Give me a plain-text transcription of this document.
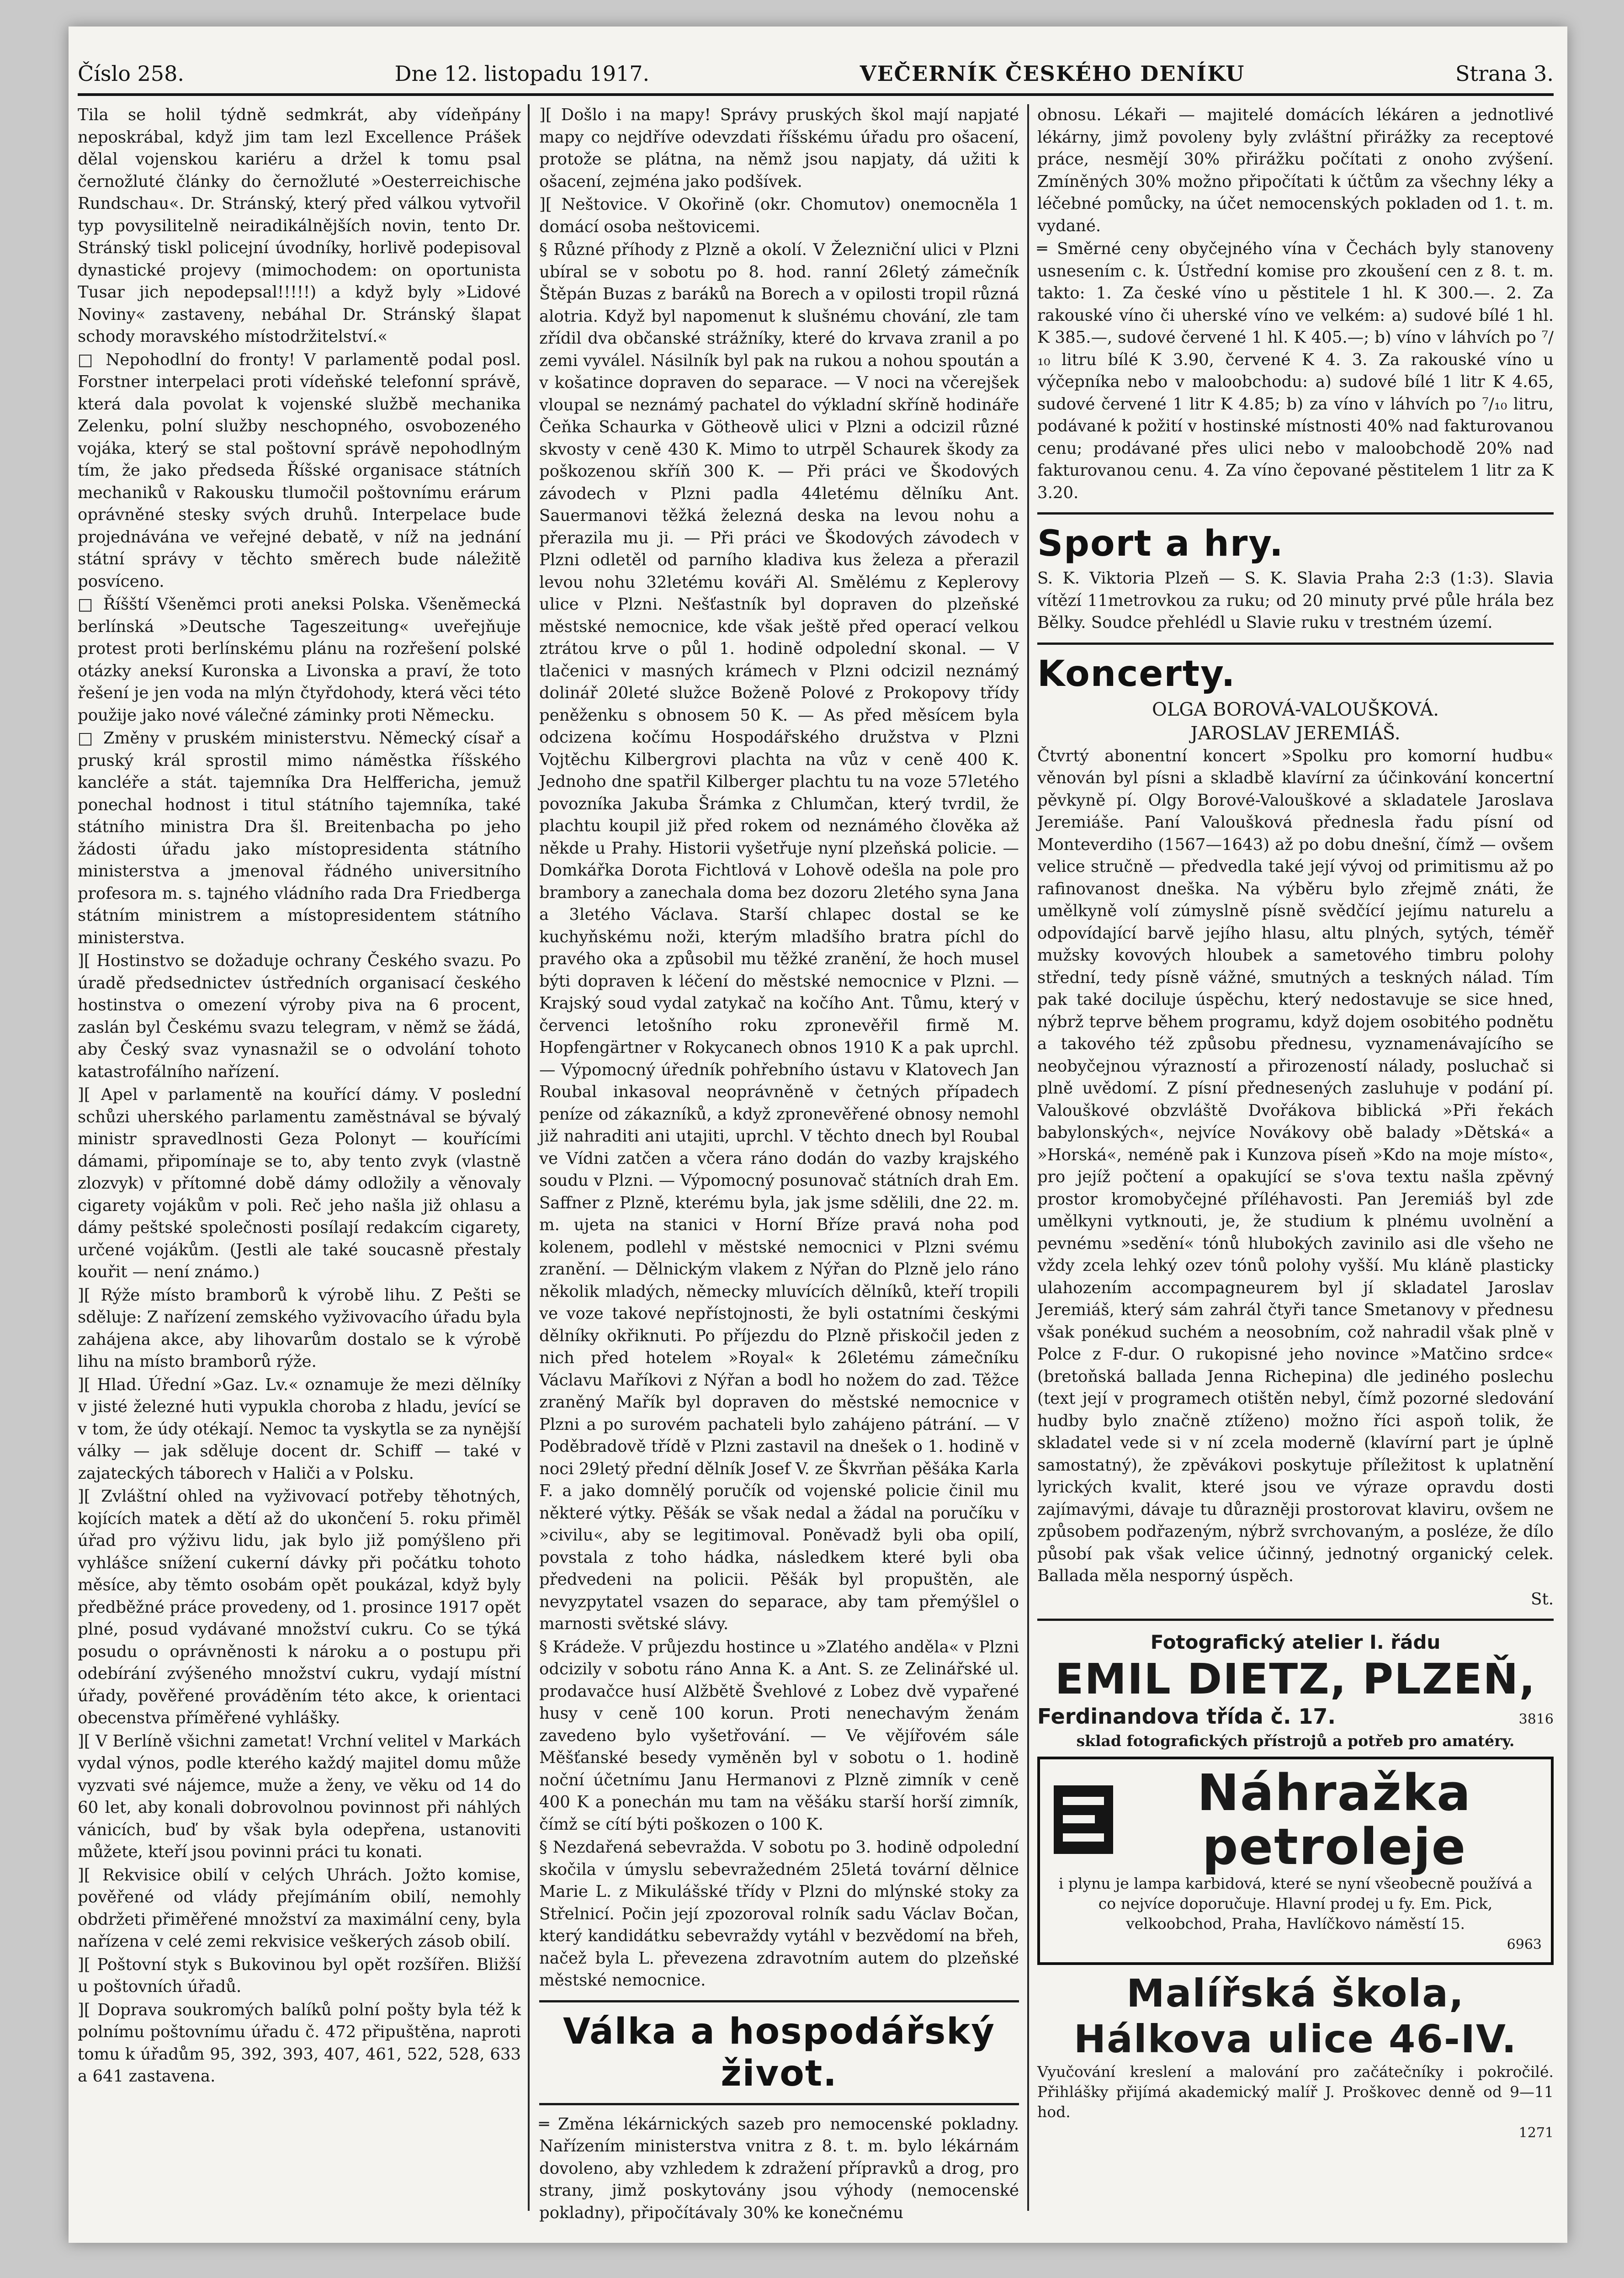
Číslo 258.	Dne 12. listopadu 1917.	VEČERNÍK ČESKÉHO DENÍKU	Strana 3.

Tila se holil týdně sedmkrát, aby vídeňpány neposkrábal, když jim tam lezl Excellence Prášek dělal vojenskou kariéru a držel k tomu psal černožluté články do černožluté »Oesterreichische Rundschau«. Dr. Stránský, který před válkou vytvořil typ povysilitelně neiradikálnějších novin, tento Dr. Stránský tiskl policejní úvodníky, horlivě podepisoval dynastické projevy (mimochodem: on oportunista Tusar jich nepodepsal!!!!!) a když byly »Lidové Noviny« zastaveny, nebáhal Dr. Stránský šlapat schody moravského místodržitelství.«

□ Nepohodlní do fronty! V parlamentě podal posl. Forstner interpelaci proti vídeňské telefonní správě, která dala povolat k vojenské službě mechanika Zelenku, polní služby neschopného, osvobozeného vojáka, který se stal poštovní správě nepohodlným tím, že jako předseda Říšské organisace státních mechaniků v Rakousku tlumočil poštovnímu erárum oprávněné stesky svých druhů. Interpelace bude projednávána ve veřejné debatě, v níž na jednání státní správy v těchto směrech bude náležitě posvíceno.

□ Říšští Všeněmci proti aneksi Polska. Všeněmecká berlínská »Deutsche Tageszeitung« uveřejňuje protest proti berlínskému plánu na rozřešení polské otázky aneksí Kuronska a Livonska a praví, že toto řešení je jen voda na mlýn čtyřdohody, která věci této použije jako nové válečné záminky proti Německu.

□ Změny v pruském ministerstvu. Německý císař a pruský král sprostil mimo náměstka říšského kancléře a stát. tajemníka Dra Helffericha, jemuž ponechal hodnost i titul státního tajemníka, také státního ministra Dra šl. Breitenbacha po jeho žádosti úřadu jako místopresidenta státního ministerstva a jmenoval řádného universitního profesora m. s. tajného vládního rada Dra Friedberga státním ministrem a místopresidentem státního ministerstva.

][ Hostinstvo se dožaduje ochrany Českého svazu. Po úradě předsednictev ústředních organisací českého hostinstva o omezení výroby piva na 6 procent, zaslán byl Českému svazu telegram, v němž se žádá, aby Český svaz vynasnažil se o odvolání tohoto katastrofálního nařízení.

][ Apel v parlamentě na kouřící dámy. V poslední schůzi uherského parlamentu zaměstnával se bývalý ministr spravedlnosti Geza Polonyt — kouřícími dámami, připomínaje se to, aby tento zvyk (vlastně zlozvyk) v přítomné době dámy odložily a věnovaly cigarety vojákům v poli. Reč jeho našla již ohlasu a dámy peštské společnosti posílají redakcím cigarety, určené vojákům. (Jestli ale také soucasně přestaly kouřit — není známo.)

][ Rýže místo bramborů k výrobě lihu. Z Pešti se sděluje: Z nařízení zemského vyživovacího úřadu byla zahájena akce, aby lihovarům dostalo se k výrobě lihu na místo bramborů rýže.

][ Hlad. Úřední »Gaz. Lv.« oznamuje že mezi dělníky v jisté železné huti vypukla choroba z hladu, jevící se v tom, že údy otékají. Nemoc ta vyskytla se za nynější války — jak sděluje docent dr. Schiff — také v zajateckých táborech v Haliči a v Polsku.

][ Zvláštní ohled na vyživovací potřeby těhotných, kojících matek a dětí až do ukončení 5. roku přiměl úřad pro výživu lidu, jak bylo již pomýšleno při vyhlášce snížení cukerní dávky při počátku tohoto měsíce, aby těmto osobám opět poukázal, když byly předběžné práce provedeny, od 1. prosince 1917 opět plné, posud vydávané množství cukru. Co se týká posudu o oprávněnosti k nároku a o postupu při odebírání zvýšeného množství cukru, vydají místní úřady, pověřené prováděním této akce, k orientaci obecenstva příměřené vyhlášky.

][ V Berlíně všichni zametat! Vrchní velitel v Markách vydal výnos, podle kterého každý majitel domu může vyzvati své nájemce, muže a ženy, ve věku od 14 do 60 let, aby konali dobrovolnou povinnost při náhlých vánicích, buď by však byla odepřena, ustanoviti můžete, kteří jsou povinni práci tu konati.

][ Rekvisice obilí v celých Uhrách. Jožto komise, pověřené od vlády přejímáním obilí, nemohly obdržeti přiměřené množství za maximální ceny, byla nařízena v celé zemi rekvisice veškerých zásob obilí.

][ Poštovní styk s Bukovinou byl opět rozšířen. Bližší u poštovních úřadů.

][ Doprava soukromých balíků polní pošty byla též k polnímu poštovnímu úřadu č. 472 připuštěna, naproti tomu k úřadům 95, 392, 393, 407, 461, 522, 528, 633 a 641 zastavena.

][ Došlo i na mapy! Správy pruských škol mají napjaté mapy co nejdříve odevzdati říšskému úřadu pro ošacení, protože se plátna, na němž jsou napjaty, dá užiti k ošacení, zejména jako podšívek.

][ Neštovice. V Okořině (okr. Chomutov) onemocněla 1 domácí osoba neštovicemi.

§ Různé příhody z Plzně a okolí. V Železniční ulici v Plzni ubíral se v sobotu po 8. hod. ranní 26letý zámečník Štěpán Buzas z baráků na Borech a v opilosti tropil různá alotria. Když byl napomenut k slušnému chování, zle tam zřídil dva občanské strážníky, které do krvava zranil a po zemi vyválel. Násilník byl pak na rukou a nohou spoután a v košatince dopraven do separace. — V noci na včerejšek vloupal se neznámý pachatel do výkladní skříně hodináře Čeňka Schaurka v Götheově ulici v Plzni a odcizil různé skvosty v ceně 430 K. Mimo to utrpěl Schaurek škody za poškozenou skříň 300 K. — Při práci ve Škodových závodech v Plzni padla 44letému dělníku Ant. Sauermanovi těžká železná deska na levou nohu a přerazila mu ji. — Při práci ve Škodových závodech v Plzni odletěl od parního kladiva kus železa a přerazil levou nohu 32letému kováři Al. Smělému z Keplerovy ulice v Plzni. Nešťastník byl dopraven do plzeňské městské nemocnice, kde však ještě před operací velkou ztrátou krve o půl 1. hodině odpolední skonal. — V tlačenici v masných krámech v Plzni odcizil neznámý dolinář 20leté služce Boženě Polové z Prokopovy třídy peněženku s obnosem 50 K. — As před měsícem byla odcizena kočímu Hospodářského družstva v Plzni Vojtěchu Kilbergrovi plachta na vůz v ceně 400 K. Jednoho dne spatřil Kilberger plachtu tu na voze 57letého povozníka Jakuba Šrámka z Chlumčan, který tvrdil, že plachtu koupil již před rokem od neznámého člověka až někde u Prahy. Historii vyšetřuje nyní plzeňská policie. — Domkářka Dorota Fichtlová v Lohově odešla na pole pro brambory a zanechala doma bez dozoru 2letého syna Jana a 3letého Václava. Starší chlapec dostal se ke kuchyňskému noži, kterým mladšího bratra píchl do pravého oka a způsobil mu těžké zranění, že hoch musel býti dopraven k léčení do městské nemocnice v Plzni. — Krajský soud vydal zatykač na kočího Ant. Tůmu, který v červenci letošního roku zpronevěřil firmě M. Hopfengärtner v Rokycanech obnos 1910 K a pak uprchl. — Výpomocný úředník pohřebního ústavu v Klatovech Jan Roubal inkasoval neoprávněně v četných případech peníze od zákazníků, a když zpronevěřené obnosy nemohl již nahraditi ani utajiti, uprchl. V těchto dnech byl Roubal ve Vídni zatčen a včera ráno dodán do vazby krajského soudu v Plzni. — Výpomocný posunovač státních drah Em. Saffner z Plzně, kterému byla, jak jsme sdělili, dne 22. m. m. ujeta na stanici v Horní Bříze pravá noha pod kolenem, podlehl v městské nemocnici v Plzni svému zranění. — Dělnickým vlakem z Nýřan do Plzně jelo ráno několik mladých, německy mluvících dělníků, kteří tropili ve voze takové nepřístojnosti, že byli ostatními českými dělníky okřiknuti. Po příjezdu do Plzně přiskočil jeden z nich před hotelem »Royal« k 26letému zámečníku Václavu Maříkovi z Nýřan a bodl ho nožem do zad. Těžce zraněný Mařík byl dopraven do městské nemocnice v Plzni a po surovém pachateli bylo zahájeno pátrání. — V Poděbradově třídě v Plzni zastavil na dnešek o 1. hodině v noci 29letý přední dělník Josef V. ze Škvrňan pěšáka Karla F. a jako domnělý poručík od vojenské policie činil mu některé výtky. Pěšák se však nedal a žádal na poručíku v »civilu«, aby se legitimoval. Poněvadž byli oba opilí, povstala z toho hádka, následkem které byli oba předvedeni na policii. Pěšák byl propuštěn, ale nevyzpytatel vsazen do separace, aby tam přemýšlel o marnosti světské slávy.

§ Krádeže. V průjezdu hostince u »Zlatého anděla« v Plzni odcizily v sobotu ráno Anna K. a Ant. S. ze Zelinářské ul. prodavačce husí Alžbětě Švehlové z Lobez dvě vypařené husy v ceně 100 korun. Proti nenechavým ženám zavedeno bylo vyšetřování. — Ve vějířovém sále Měšťanské besedy vyměněn byl v sobotu o 1. hodině noční účetnímu Janu Hermanovi z Plzně zimník v ceně 400 K a ponechán mu tam na věšáku starší horší zimník, čímž se cítí býti poškozen o 100 K.

§ Nezdařená sebevražda. V sobotu po 3. hodině odpolední skočila v úmyslu sebevražedném 25letá tovární dělnice Marie L. z Mikulášské třídy v Plzni do mlýnské stoky za Střelnicí. Počin její zpozoroval rolník sadu Václav Bočan, který kandidátku sebevraždy vytáhl v bezvědomí na břeh, načež byla L. převezena zdravotním autem do plzeňské městské nemocnice.

Válka a hospodářský život.

═ Změna lékárnických sazeb pro nemocenské pokladny. Nařízením ministerstva vnitra z 8. t. m. bylo lékárnám dovoleno, aby vzhledem k zdražení přípravků a drog, pro strany, jimž poskytovány jsou výhody (nemocenské pokladny), připočítávaly 30% ke konečnému

obnosu. Lékaři — majitelé domácích lékáren a jednotlivé lékárny, jimž povoleny byly zvláštní přirážky za receptové práce, nesmějí 30% přirážku počítati z onoho zvýšení. Zmíněných 30% možno připočítati k účtům za všechny léky a léčebné pomůcky, na účet nemocenských pokladen od 1. t. m. vydané.

═ Směrné ceny obyčejného vína v Čechách byly stanoveny usnesením c. k. Ústřední komise pro zkoušení cen z 8. t. m. takto: 1. Za české víno u pěstitele 1 hl. K 300.—. 2. Za rakouské víno či uherské víno ve velkém: a) sudové bílé 1 hl. K 385.—, sudové červené 1 hl. K 405.—; b) víno v láhvích po ⁷/₁₀ litru bílé K 3.90, červené K 4. 3. Za rakouské víno u výčepníka nebo v maloobchodu: a) sudové bílé 1 litr K 4.65, sudové červené 1 litr K 4.85; b) za víno v láhvích po ⁷/₁₀ litru, podávané k požití v hostinské místnosti 40% nad fakturovanou cenu; prodávané přes ulici nebo v maloobchodě 20% nad fakturovanou cenu. 4. Za víno čepované pěstitelem 1 litr za K 3.20.

Sport a hry.

S. K. Viktoria Plzeň — S. K. Slavia Praha 2:3 (1:3). Slavia vítězí 11metrovkou za ruku; od 20 minuty prvé půle hrála bez Bělky. Soudce přehlédl u Slavie ruku v trestném území.

Koncerty.
OLGA BOROVÁ-VALOUŠKOVÁ.
JAROSLAV JEREMIÁŠ.

Čtvrtý abonentní koncert »Spolku pro komorní hudbu« věnován byl písni a skladbě klavírní za účinkování koncertní pěvkyně pí. Olgy Borové-Valouškové a skladatele Jaroslava Jeremiáše. Paní Valoušková přednesla řadu písní od Monteverdiho (1567—1643) až po dobu dnešní, čímž — ovšem velice stručně — předvedla také její vývoj od primitismu až po rafinovanost dneška. Na výběru bylo zřejmě znáti, že umělkyně volí zúmyslně písně svědčící jejímu naturelu a odpovídající barvě jejího hlasu, altu plných, sytých, téměř mužsky kovových hloubek a sametového timbru polohy střední, tedy písně vážné, smutných a teskných nálad. Tím pak také dociluje úspěchu, který nedostavuje se sice hned, nýbrž teprve během programu, když dojem osobitého podnětu a takového též způsobu přednesu, vyznamenávajícího se neobyčejnou výrazností a přirozeností nálady, posluchač si plně uvědomí. Z písní přednesených zasluhuje v podání pí. Valouškové obzvláště Dvořákova biblická »Při řekách babylonských«, nejvíce Novákovy obě balady »Dětská« a »Horská«, neméně pak i Kunzova píseň »Kdo na moje místo«, pro jejíž počtení a opakující se s'ova textu našla zpěvný prostor kromobyčejné příléhavosti. Pan Jeremiáš byl zde umělkyni vytknouti, je, že studium k plnému uvolnění a pevnému »sedění« tónů hlubokých zavinilo asi dle všeho ne vždy zcela lehký ozev tónů polohy vyšší. Mu kláně plasticky ulahozením accompagneurem byl jí skladatel Jaroslav Jeremiáš, který sám zahrál čtyři tance Smetanovy v přednesu však ponékud suchém a neosobním, což nahradil však plně v Polce z F-dur. O rukopisné jeho novince »Matčino srdce« (bretoňská ballada Jenna Richepina) dle jediného poslechu (text její v programech otištěn nebyl, čímž pozorné sledování hudby bylo značně ztíženo) možno říci aspoň tolik, že skladatel vede si v ní zcela moderně (klavírní part je úplně samostatný), že zpěvákovi poskytuje příležitost k uplatnění lyrických kvalit, které jsou ve výraze opravdu dosti zajímavými, dávaje tu důrazněji prostorovat klaviru, ovšem ne způsobem podřazeným, nýbrž svrchovaným, a posléze, že dílo působí pak však velice účinný, jednotný organický celek. Ballada měla nesporný úspěch.

St.
Fotografický atelier I. řádu
EMIL DIETZ, PLZEŇ,
Ferdinandova třída č. 17.	3816
sklad fotografických přístrojů a potřeb pro amatéry.
Náhražka petroleje
i plynu je lampa karbidová, které se nyní všeobecně používá a co nejvíce doporučuje. Hlavní prodej u fy. Em. Pick, velkoobchod, Praha, Havlíčkovo náměstí 15.
6963
Malířská škola, Hálkova ulice 46-IV.
Vyučování kreslení a malování pro začátečníky i pokročilé. Přihlášky přijímá akademický malíř J. Proškovec denně od 9—11 hod.
1271
